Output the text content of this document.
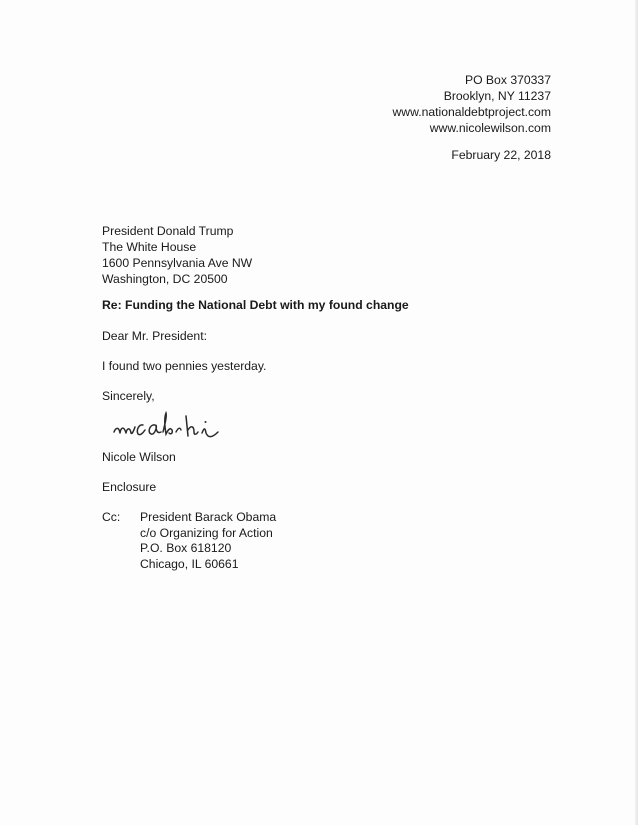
PO Box 370337
Brooklyn, NY 11237
www.nationaldebtproject.com
www.nicolewilson.com
February 22, 2018
President Donald Trump
The White House
1600 Pennsylvania Ave NW
Washington, DC 20500
Re: Funding the National Debt with my found change
Dear Mr. President:
I found two pennies yesterday.
Sincerely,
Nicole Wilson
Enclosure
Cc: President Barack Obama
c/o Organizing for Action
P.O. Box 618120
Chicago, IL 60661
